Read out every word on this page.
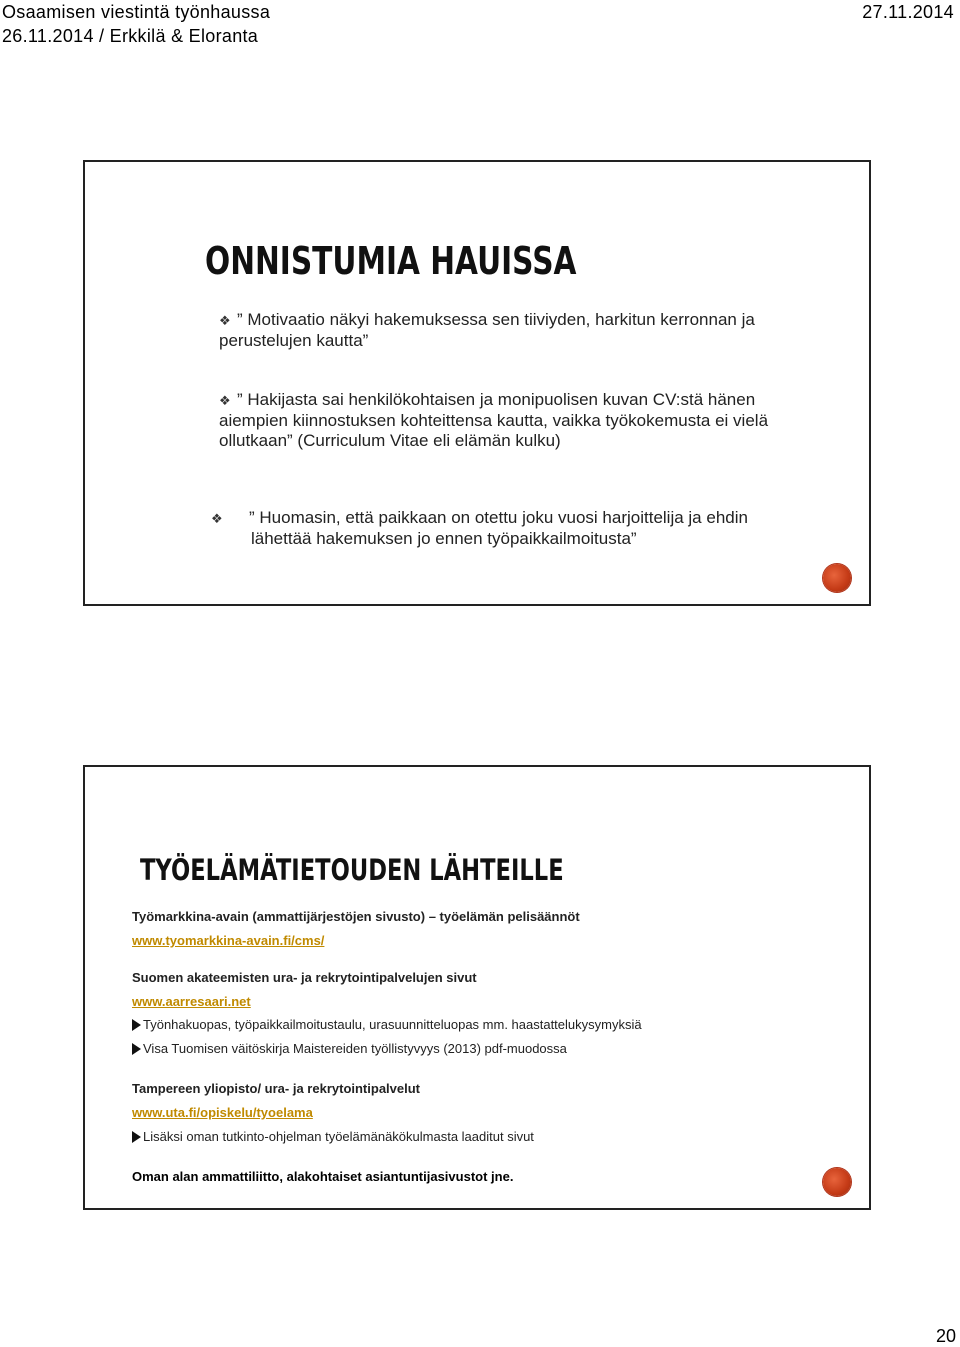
Osaamisen viestintä työnhaussa	27.11.2014
26.11.2014 / Erkkilä & Eloranta
ONNISTUMIA HAUISSA
❖ ” Motivaatio näkyi hakemuksessa sen tiiviyden, harkitun kerronnan ja perustelujen kautta”
❖ ” Hakijasta sai henkilökohtaisen ja monipuolisen kuvan CV:stä hänen aiempien kiinnostuksen kohteittensa kautta, vaikka työkokemusta ei vielä ollutkaan” (Curriculum Vitae eli elämän kulku)
❖ ” Huomasin, että paikkaan on otettu joku vuosi harjoittelija ja ehdin lähettää hakemuksen jo ennen työpaikkailmoitusta”
TYÖELÄMÄTIETOUDEN LÄHTEILLE
Työmarkkina-avain (ammattijärjestöjen sivusto) – työelämän pelisäännöt
www.tyomarkkina-avain.fi/cms/
Suomen akateemisten ura- ja rekrytointipalvelujen sivut
www.aarresaari.net
Työnhakuopas, työpaikkailmoitustaulu, urasuunnitteluopas mm. haastattelukysymyksiä
Visa Tuomisen väitöskirja Maistereiden työllistyvyys (2013) pdf-muodossa
Tampereen yliopisto/ ura- ja rekrytointipalvelut
www.uta.fi/opiskelu/tyoelama
Lisäksi oman tutkinto-ohjelman työelämänäkökulmasta laaditut sivut
Oman alan ammattiliitto, alakohtaiset asiantuntijasivustot jne.
20
